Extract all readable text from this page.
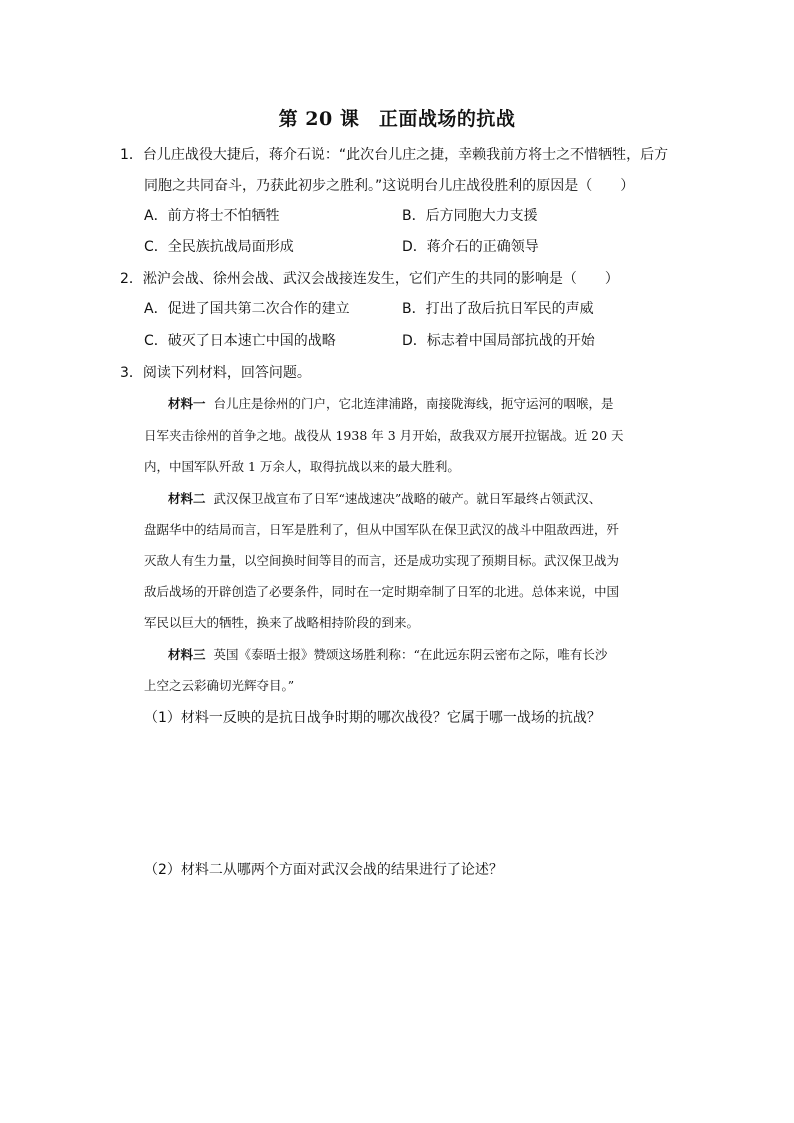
第 20 课　正面战场的抗战
1．台儿庄战役大捷后，蒋介石说：“此次台儿庄之捷，幸赖我前方将士之不惜牺牲，后方
同胞之共同奋斗，乃获此初步之胜利。”这说明台儿庄战役胜利的原因是（　　）
A．前方将士不怕牺牲	B．后方同胞大力支援
C．全民族抗战局面形成	D．蒋介石的正确领导
2．淞沪会战、徐州会战、武汉会战接连发生，它们产生的共同的影响是（　　）
A．促进了国共第二次合作的建立	B．打出了敌后抗日军民的声威
C．破灭了日本速亡中国的战略	D．标志着中国局部抗战的开始
3．阅读下列材料，回答问题。
材料一 台儿庄是徐州的门户，它北连津浦路，南接陇海线，扼守运河的咽喉，是
日军夹击徐州的首争之地。战役从 1938 年 3 月开始，敌我双方展开拉锯战。近 20 天
内，中国军队歼敌 1 万余人，取得抗战以来的最大胜利。
材料二 武汉保卫战宣布了日军“速战速决”战略的破产。就日军最终占领武汉、
盘踞华中的结局而言，日军是胜利了，但从中国军队在保卫武汉的战斗中阻敌西进，歼
灭敌人有生力量，以空间换时间等目的而言，还是成功实现了预期目标。武汉保卫战为
敌后战场的开辟创造了必要条件，同时在一定时期牵制了日军的北进。总体来说，中国
军民以巨大的牺牲，换来了战略相持阶段的到来。
材料三 英国《泰晤士报》赞颂这场胜利称：“在此远东阴云密布之际，唯有长沙
上空之云彩确切光辉夺目。”
（1）材料一反映的是抗日战争时期的哪次战役？它属于哪一战场的抗战？
（2）材料二从哪两个方面对武汉会战的结果进行了论述？
